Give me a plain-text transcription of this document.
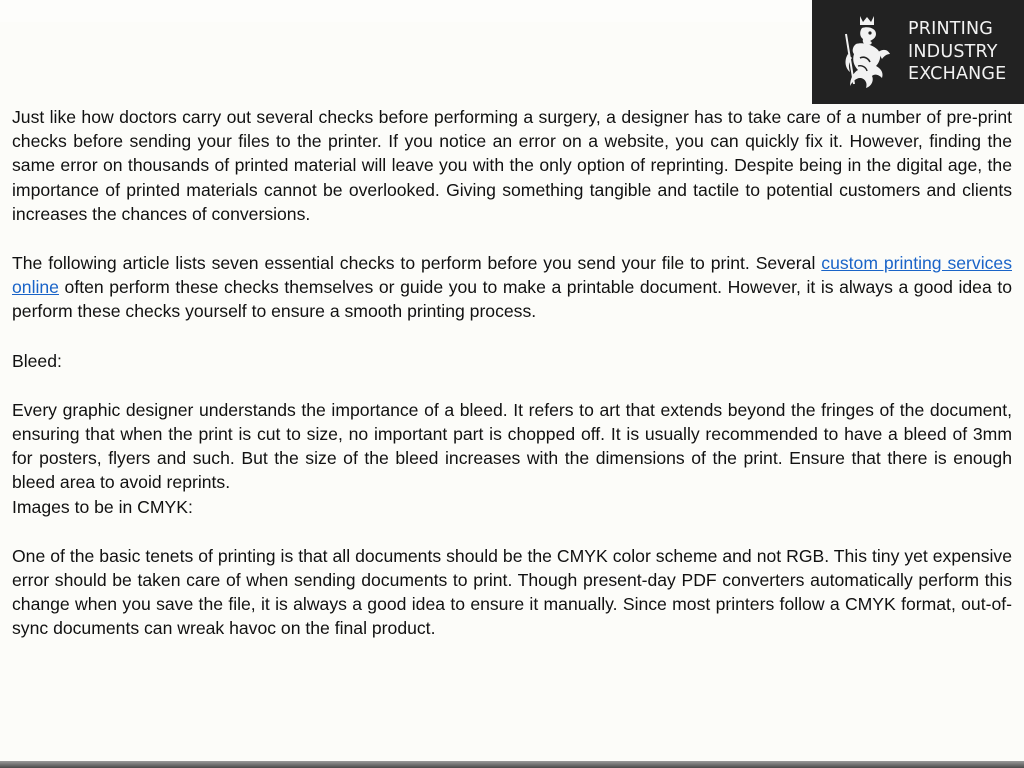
PRINTING
INDUSTRY
EXCHANGE

Just like how doctors carry out several checks before performing a surgery, a designer has to take care of a number of pre-print checks before sending your files to the printer. If you notice an error on a website, you can quickly fix it. However, finding the same error on thousands of printed material will leave you with the only option of reprinting. Despite being in the digital age, the importance of printed materials cannot be overlooked. Giving something tangible and tactile to potential customers and clients increases the chances of conversions.

The following article lists seven essential checks to perform before you send your file to print. Several custom printing services online often perform these checks themselves or guide you to make a printable document. However, it is always a good idea to perform these checks yourself to ensure a smooth printing process.

Bleed:

Every graphic designer understands the importance of a bleed. It refers to art that extends beyond the fringes of the document, ensuring that when the print is cut to size, no important part is chopped off. It is usually recommended to have a bleed of 3mm for posters, flyers and such. But the size of the bleed increases with the dimensions of the print. Ensure that there is enough bleed area to avoid reprints.

Images to be in CMYK:

One of the basic tenets of printing is that all documents should be the CMYK color scheme and not RGB. This tiny yet expensive error should be taken care of when sending documents to print. Though present-day PDF converters automatically perform this change when you save the file, it is always a good idea to ensure it manually. Since most printers follow a CMYK format, out-of-sync documents can wreak havoc on the final product.
